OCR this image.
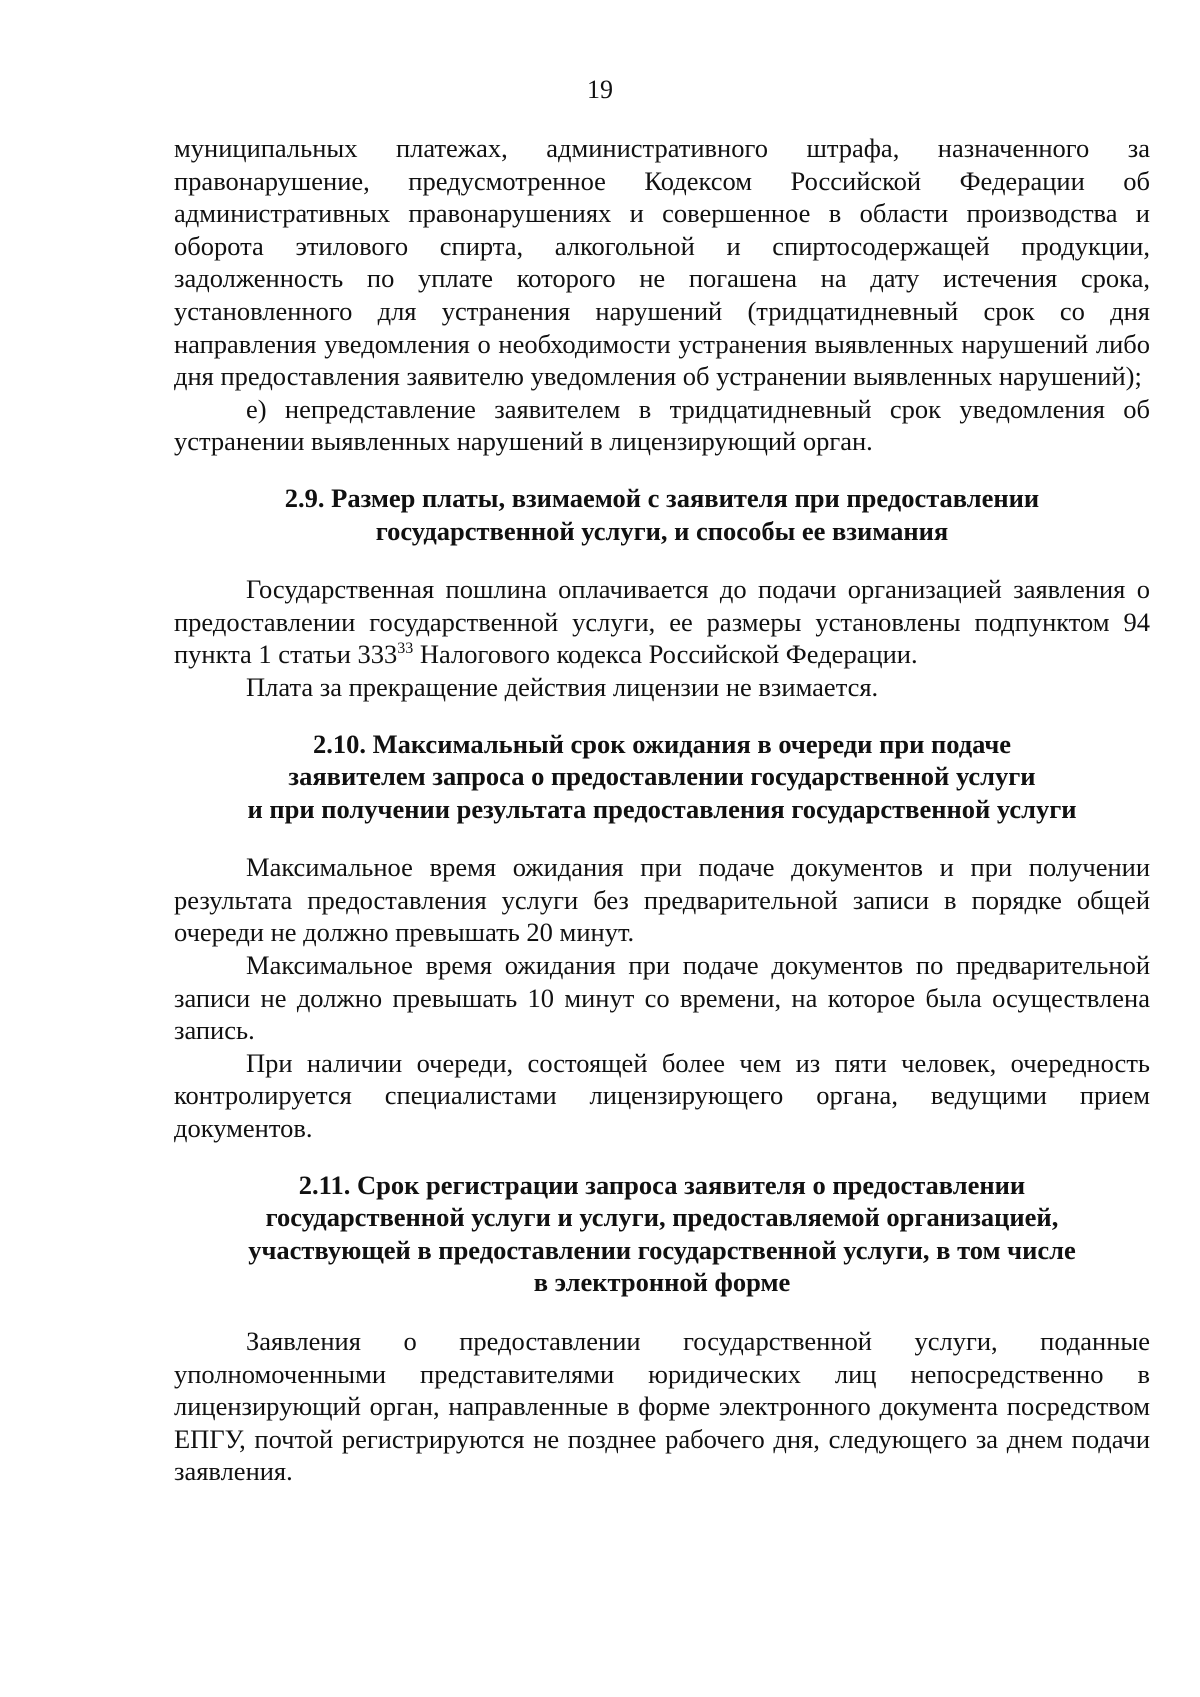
19

муниципальных платежах, административного штрафа, назначенного за правонарушение, предусмотренное Кодексом Российской Федерации об административных правонарушениях и совершенное в области производства и оборота этилового спирта, алкогольной и спиртосодержащей продукции, задолженность по уплате которого не погашена на дату истечения срока, установленного для устранения нарушений (тридцатидневный срок со дня направления уведомления о необходимости устранения выявленных нарушений либо дня предоставления заявителю уведомления об устранении выявленных нарушений);

е) непредставление заявителем в тридцатидневный срок уведомления об устранении выявленных нарушений в лицензирующий орган.

2.9. Размер платы, взимаемой с заявителя при предоставлении
государственной услуги, и способы ее взимания

Государственная пошлина оплачивается до подачи организацией заявления о предоставлении государственной услуги, ее размеры установлены подпунктом 94 пункта 1 статьи $333^{33}$ Налогового кодекса Российской Федерации.

Плата за прекращение действия лицензии не взимается.

2.10. Максимальный срок ожидания в очереди при подаче
заявителем запроса о предоставлении государственной услуги
и при получении результата предоставления государственной услуги

Максимальное время ожидания при подаче документов и при получении результата предоставления услуги без предварительной записи в порядке общей очереди не должно превышать 20 минут.

Максимальное время ожидания при подаче документов по предварительной записи не должно превышать 10 минут со времени, на которое была осуществлена запись.

При наличии очереди, состоящей более чем из пяти человек, очередность контролируется специалистами лицензирующего органа, ведущими прием документов.

2.11. Срок регистрации запроса заявителя о предоставлении
государственной услуги и услуги, предоставляемой организацией,
участвующей в предоставлении государственной услуги, в том числе
в электронной форме

Заявления о предоставлении государственной услуги, поданные уполномоченными представителями юридических лиц непосредственно в лицензирующий орган, направленные в форме электронного документа посредством ЕПГУ, почтой регистрируются не позднее рабочего дня, следующего за днем подачи заявления.
